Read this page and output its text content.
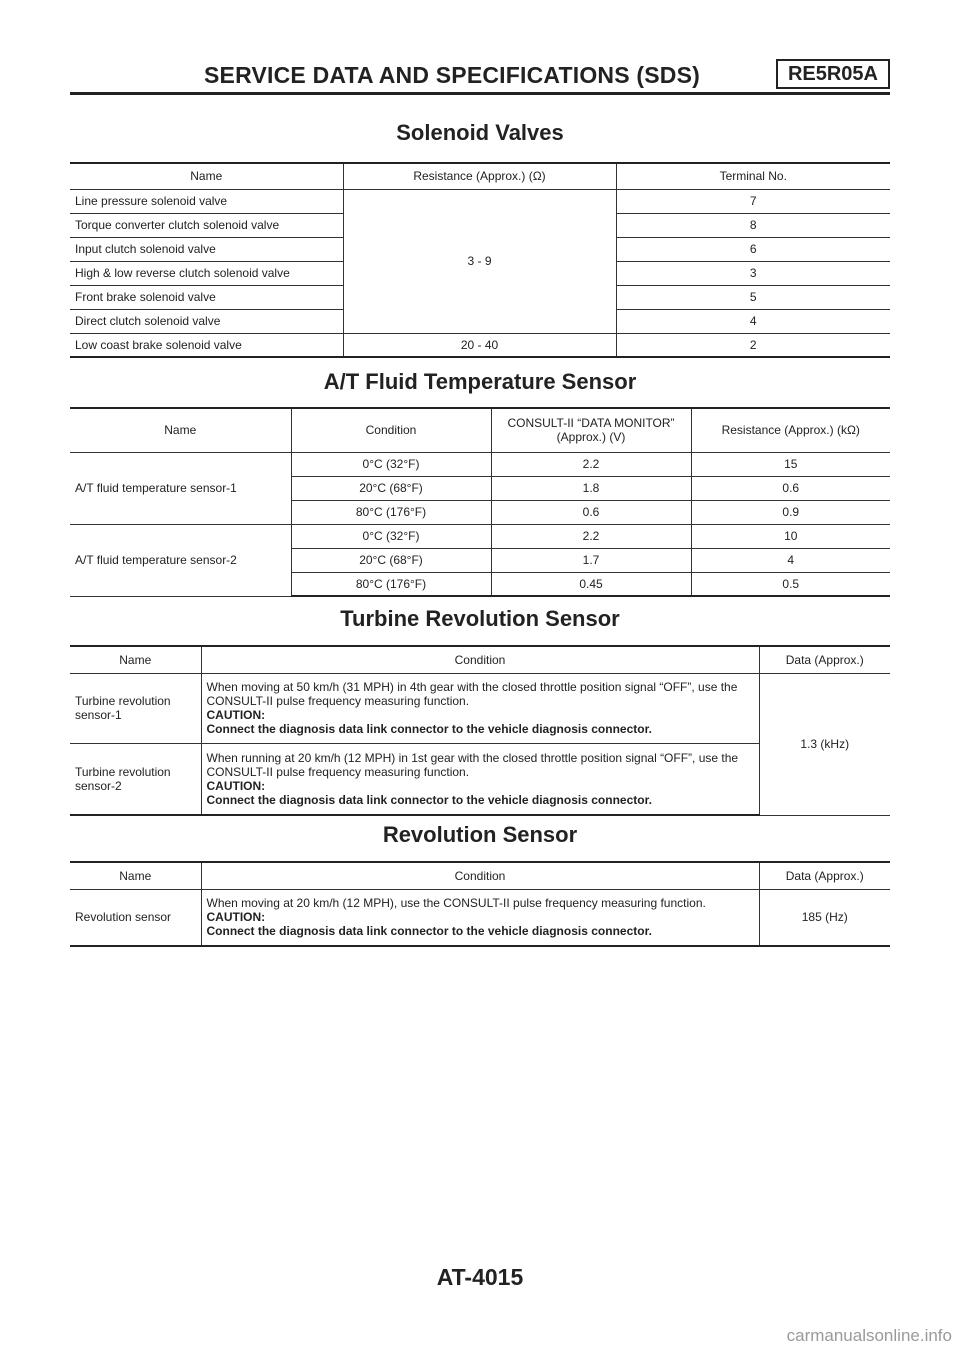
SERVICE DATA AND SPECIFICATIONS (SDS)	RE5R05A
Solenoid Valves
Name	Resistance (Approx.) (Ω)	Terminal No.
Line pressure solenoid valve	3 - 9	7
Torque converter clutch solenoid valve		8
Input clutch solenoid valve		6
High & low reverse clutch solenoid valve		3
Front brake solenoid valve		5
Direct clutch solenoid valve		4
Low coast brake solenoid valve	20 - 40	2
A/T Fluid Temperature Sensor
Name	Condition	CONSULT-II “DATA MONITOR” (Approx.) (V)	Resistance (Approx.) (kΩ)
A/T fluid temperature sensor-1	0°C (32°F)	2.2	15
	20°C (68°F)	1.8	0.6
	80°C (176°F)	0.6	0.9
A/T fluid temperature sensor-2	0°C (32°F)	2.2	10
	20°C (68°F)	1.7	4
	80°C (176°F)	0.45	0.5
Turbine Revolution Sensor
Name	Condition	Data (Approx.)
Turbine revolution sensor-1	When moving at 50 km/h (31 MPH) in 4th gear with the closed throttle position signal “OFF”, use the CONSULT-II pulse frequency measuring function.
CAUTION:
Connect the diagnosis data link connector to the vehicle diagnosis connector.	1.3 (kHz)
Turbine revolution sensor-2	When running at 20 km/h (12 MPH) in 1st gear with the closed throttle position signal “OFF”, use the CONSULT-II pulse frequency measuring function.
CAUTION:
Connect the diagnosis data link connector to the vehicle diagnosis connector.	
Revolution Sensor
Name	Condition	Data (Approx.)
Revolution sensor	When moving at 20 km/h (12 MPH), use the CONSULT-II pulse frequency measuring function.
CAUTION:
Connect the diagnosis data link connector to the vehicle diagnosis connector.	185 (Hz)
AT-4015
carmanualsonline.info
